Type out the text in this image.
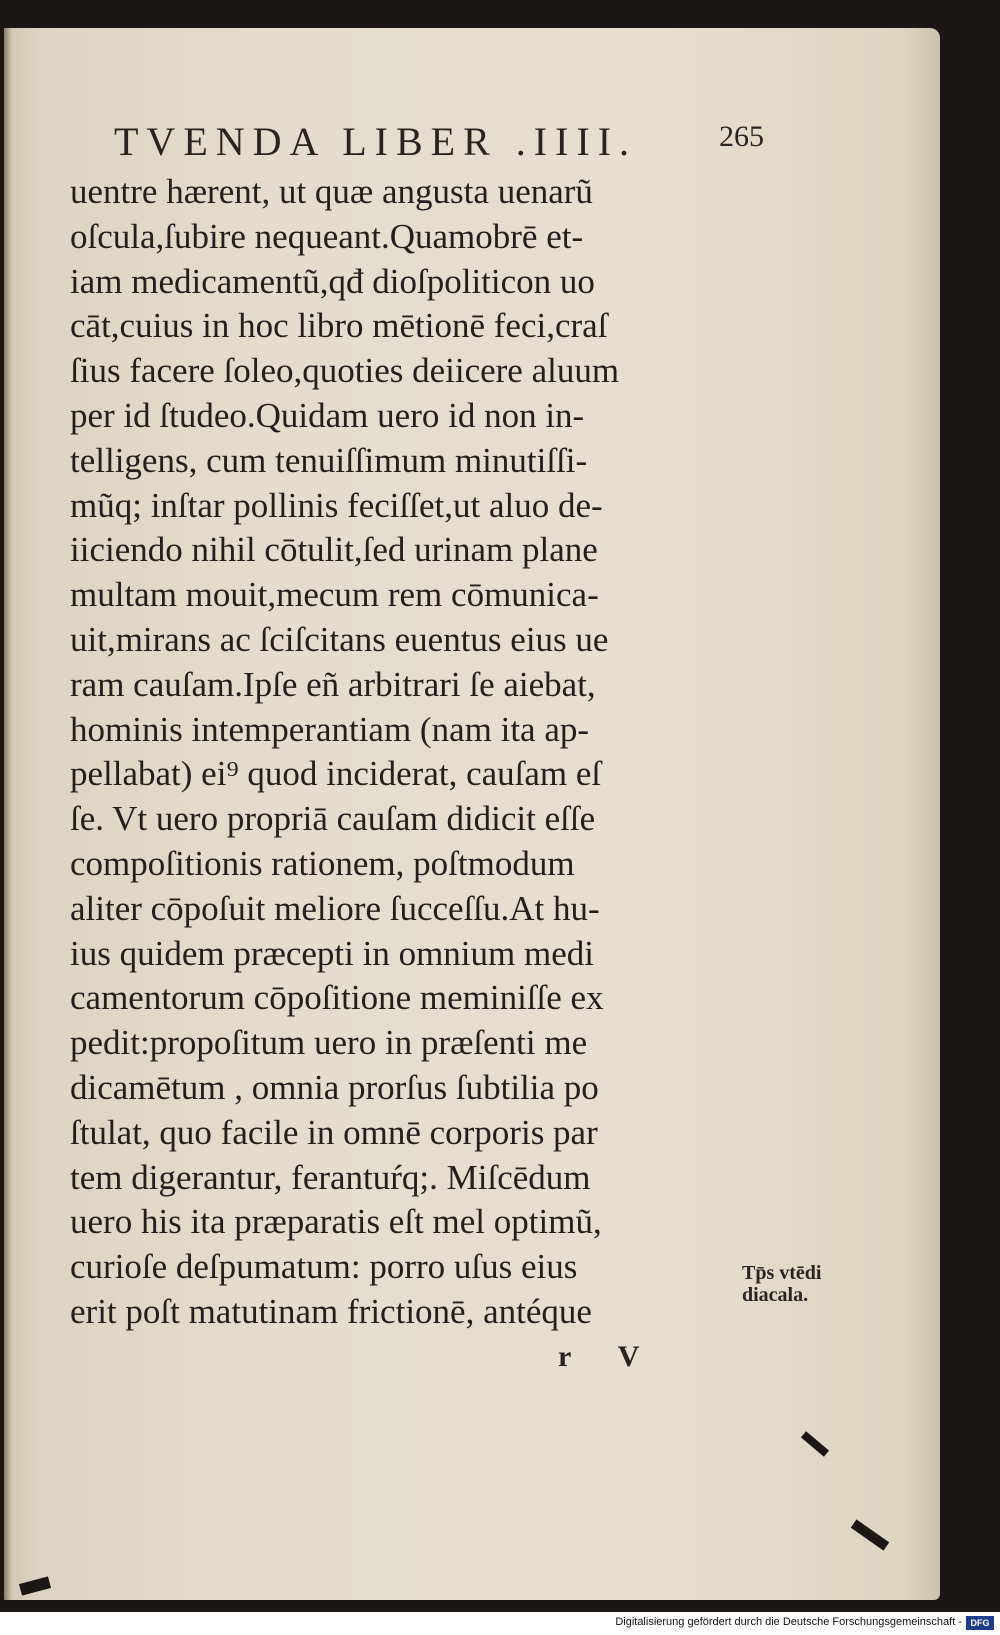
TVENDA LIBER .IIII.	265
uentre hærent, ut quæ angusta uenarũ
oſcula,ſubire nequeant.Quamobrē et-
iam medicamentũ,qđ dioſpoliticon uo
cāt,cuius in hoc libro mētionē feci,craſ
ſius facere ſoleo,quoties deiicere aluum
per id ſtudeo.Quidam uero id non in-
telligens, cum tenuiſſimum minutiſſi-
mũq; inſtar pollinis feciſſet,ut aluo de-
iiciendo nihil cōtulit,ſed urinam plane
multam mouit,mecum rem cōmunica-
uit,mirans ac ſciſcitans euentus eius ue
ram cauſam.Ipſe eñ arbitrari ſe aiebat,
hominis intemperantiam (nam ita ap-
pellabat) ei⁹ quod inciderat, cauſam eſ
ſe. Vt uero propriā cauſam didicit eſſe
compoſitionis rationem, poſtmodum
aliter cōpoſuit meliore ſucceſſu.At hu-
ius quidem præcepti in omnium medi
camentorum cōpoſitione meminiſſe ex
pedit:propoſitum uero in præſenti me
dicamētum , omnia prorſus ſubtilia po
ſtulat, quo facile in omnē corporis par
tem digerantur, ferantuŕq;. Miſcēdum
uero his ita præparatis eſt mel optimũ,
curioſe deſpumatum: porro uſus eius
erit poſt matutinam frictionē, antéque
Tp̄s vtēdi
diacala.
r V
Digitalisierung gefördert durch die Deutsche Forschungsgemeinschaft - DFG
